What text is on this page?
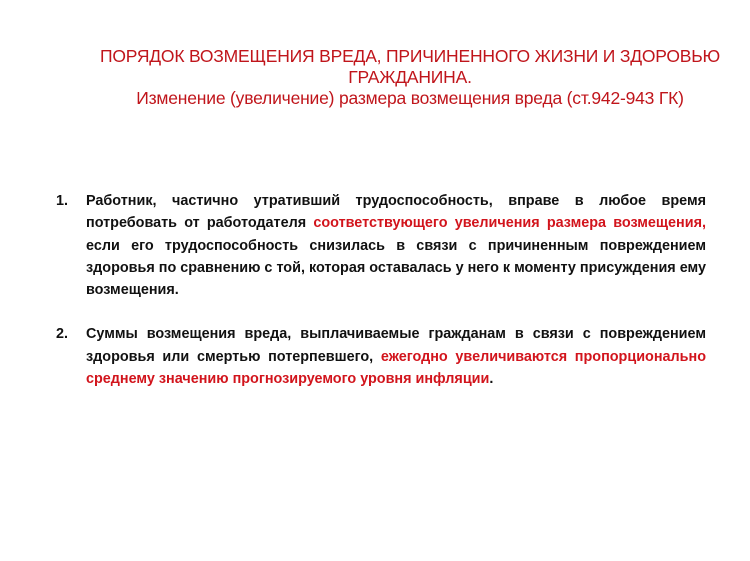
ПОРЯДОК ВОЗМЕЩЕНИЯ ВРЕДА, ПРИЧИНЕННОГО ЖИЗНИ И ЗДОРОВЬЮ
ГРАЖДАНИНА.
Изменение (увеличение) размера возмещения вреда (ст.942-943 ГК)
1. Работник, частично утративший трудоспособность, вправе в любое время потребовать от работодателя соответствующего увеличения размера возмещения, если его трудоспособность снизилась в связи с причиненным повреждением здоровья по сравнению с той, которая оставалась у него к моменту присуждения ему возмещения.
2. Суммы возмещения вреда, выплачиваемые гражданам в связи с повреждением здоровья или смертью потерпевшего, ежегодно увеличиваются пропорционально среднему значению прогнозируемого уровня инфляции.
